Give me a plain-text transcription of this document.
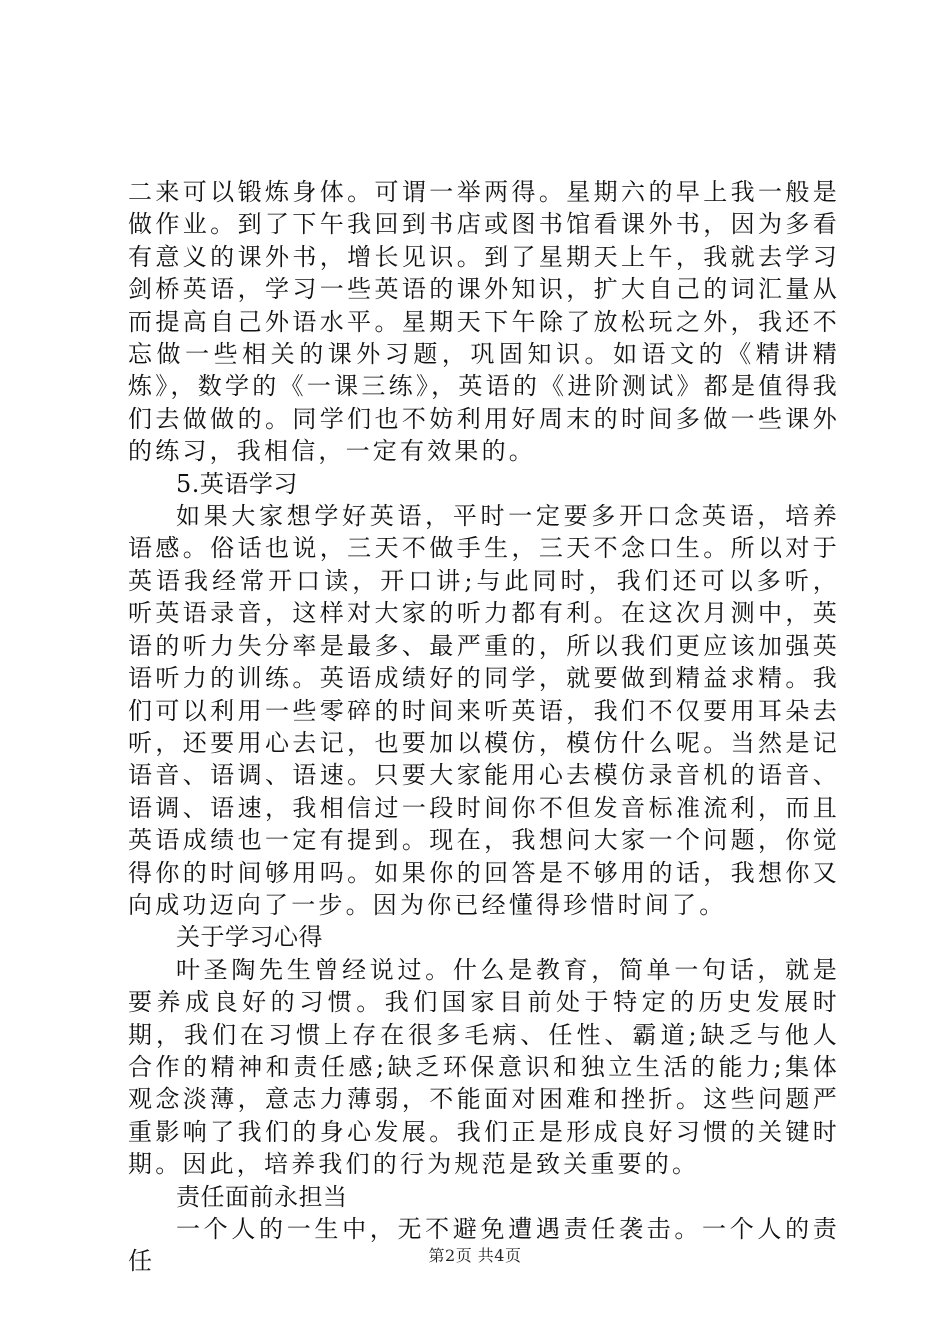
二来可以锻炼身体。可谓一举两得。星期六的早上我一般是做作业。到了下午我回到书店或图书馆看课外书，因为多看有意义的课外书，增长见识。到了星期天上午，我就去学习剑桥英语，学习一些英语的课外知识，扩大自己的词汇量从而提高自己外语水平。星期天下午除了放松玩之外，我还不忘做一些相关的课外习题，巩固知识。如语文的《精讲精炼》，数学的《一课三练》，英语的《进阶测试》都是值得我们去做做的。同学们也不妨利用好周末的时间多做一些课外的练习，我相信，一定有效果的。

5.英语学习

如果大家想学好英语，平时一定要多开口念英语，培养语感。俗话也说，三天不做手生，三天不念口生。所以对于英语我经常开口读，开口讲;与此同时，我们还可以多听，听英语录音，这样对大家的听力都有利。在这次月测中，英语的听力失分率是最多、最严重的，所以我们更应该加强英语听力的训练。英语成绩好的同学，就要做到精益求精。我们可以利用一些零碎的时间来听英语，我们不仅要用耳朵去听，还要用心去记，也要加以模仿，模仿什么呢。当然是记语音、语调、语速。只要大家能用心去模仿录音机的语音、语调、语速，我相信过一段时间你不但发音标准流利，而且英语成绩也一定有提到。现在，我想问大家一个问题，你觉得你的时间够用吗。如果你的回答是不够用的话，我想你又向成功迈向了一步。因为你已经懂得珍惜时间了。

关于学习心得

叶圣陶先生曾经说过。什么是教育，简单一句话，就是要养成良好的习惯。我们国家目前处于特定的历史发展时期，我们在习惯上存在很多毛病、任性、霸道;缺乏与他人合作的精神和责任感;缺乏环保意识和独立生活的能力;集体观念淡薄，意志力薄弱，不能面对困难和挫折。这些问题严重影响了我们的身心发展。我们正是形成良好习惯的关键时期。因此，培养我们的行为规范是致关重要的。

责任面前永担当

一个人的一生中，无不避免遭遇责任袭击。一个人的责任	第2页 共4页
